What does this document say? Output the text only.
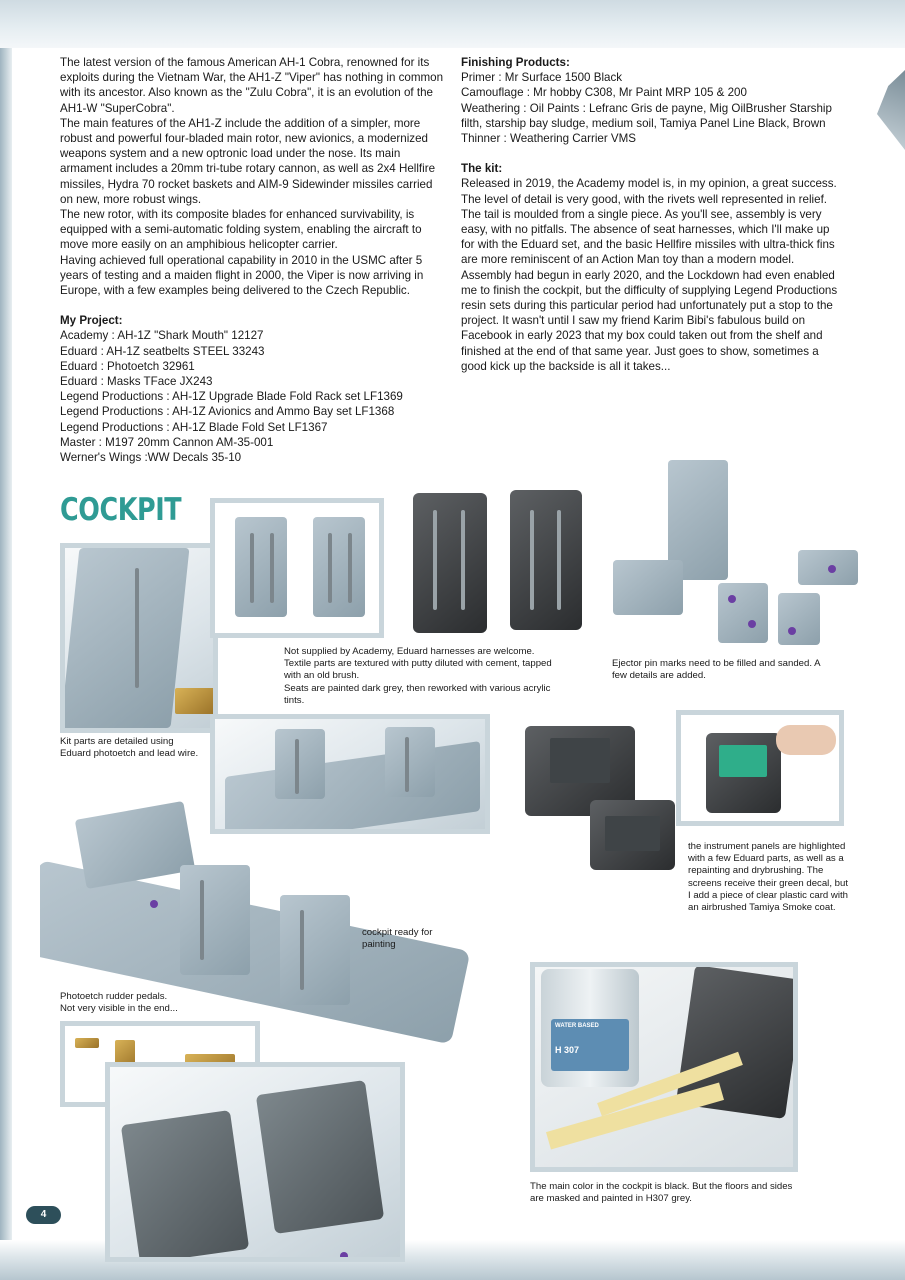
The latest version of the famous American AH-1 Cobra, renowned for its exploits during the Vietnam War, the AH1-Z "Viper" has nothing in common with its ancestor. Also known as the "Zulu Cobra", it is an evolution of the AH1-W "SuperCobra".

The main features of the AH1-Z include the addition of a simpler, more robust and powerful four-bladed main rotor, new avionics, a modernized weapons system and a new optronic load under the nose. Its main armament includes a 20mm tri-tube rotary cannon, as well as 2x4 Hellfire missiles, Hydra 70 rocket baskets and AIM-9 Sidewinder missiles carried on new, more robust wings.

The new rotor, with its composite blades for enhanced survivability, is equipped with a semi-automatic folding system, enabling the aircraft to move more easily on an amphibious helicopter carrier.

Having achieved full operational capability in 2010 in the USMC after 5 years of testing and a maiden flight in 2000, the Viper is now arriving in Europe, with a few examples being delivered to the Czech Republic.

My Project:

Academy : AH-1Z "Shark Mouth" 12127

Eduard : AH-1Z seatbelts STEEL 33243

Eduard : Photoetch 32961

Eduard : Masks TFace JX243

Legend Productions : AH-1Z Upgrade Blade Fold Rack set LF1369

Legend Productions : AH-1Z Avionics and Ammo Bay set LF1368

Legend Productions : AH-1Z Blade Fold Set LF1367

Master : M197 20mm Cannon AM-35-001

Werner's Wings :WW Decals 35-10

Finishing Products:

Primer : Mr Surface 1500 Black

Camouflage : Mr hobby C308, Mr Paint MRP 105 & 200

Weathering : Oil Paints : Lefranc Gris de payne, Mig OilBrusher Starship filth, starship bay sludge, medium soil, Tamiya Panel Line Black, Brown

Thinner : Weathering Carrier VMS

The kit:

Released in 2019, the Academy model is, in my opinion, a great success. The level of detail is very good, with the rivets well represented in relief. The tail is moulded from a single piece. As you'll see, assembly is very easy, with no pitfalls. The absence of seat harnesses, which I'll make up for with the Eduard set, and the basic Hellfire missiles with ultra-thick fins are more reminiscent of an Action Man toy than a modern model.
Assembly had begun in early 2020, and the Lockdown had even enabled me to finish the cockpit, but the difficulty of supplying Legend Productions resin sets during this particular period had unfortunately put a stop to the project. It wasn't until I saw my friend Karim Bibi's fabulous build on Facebook in early 2023 that my box could taken out from the shelf and finished at the end of that same year. Just goes to show, sometimes a good kick up the backside is all it takes...

COCKPIT
Not supplied by Academy, Eduard harnesses are welcome. Textile parts are textured with putty diluted with cement, tapped with an old brush.
Seats are painted dark grey, then reworked with various acrylic tints.
Ejector pin marks need to be filled and sanded. A few details are added.
Kit parts are detailed using Eduard photoetch and lead wire.
the instrument panels are highlighted with a few Eduard parts, as well as a repainting and drybrushing. The screens receive their green decal, but I add a piece of clear plastic card with an airbrushed Tamiya Smoke coat.
cockpit ready for painting
Photoetch rudder pedals.
Not very visible in the end...
WATER BASED
H 307
The main color in the cockpit is black. But the floors and sides are masked and painted in H307 grey.
4
